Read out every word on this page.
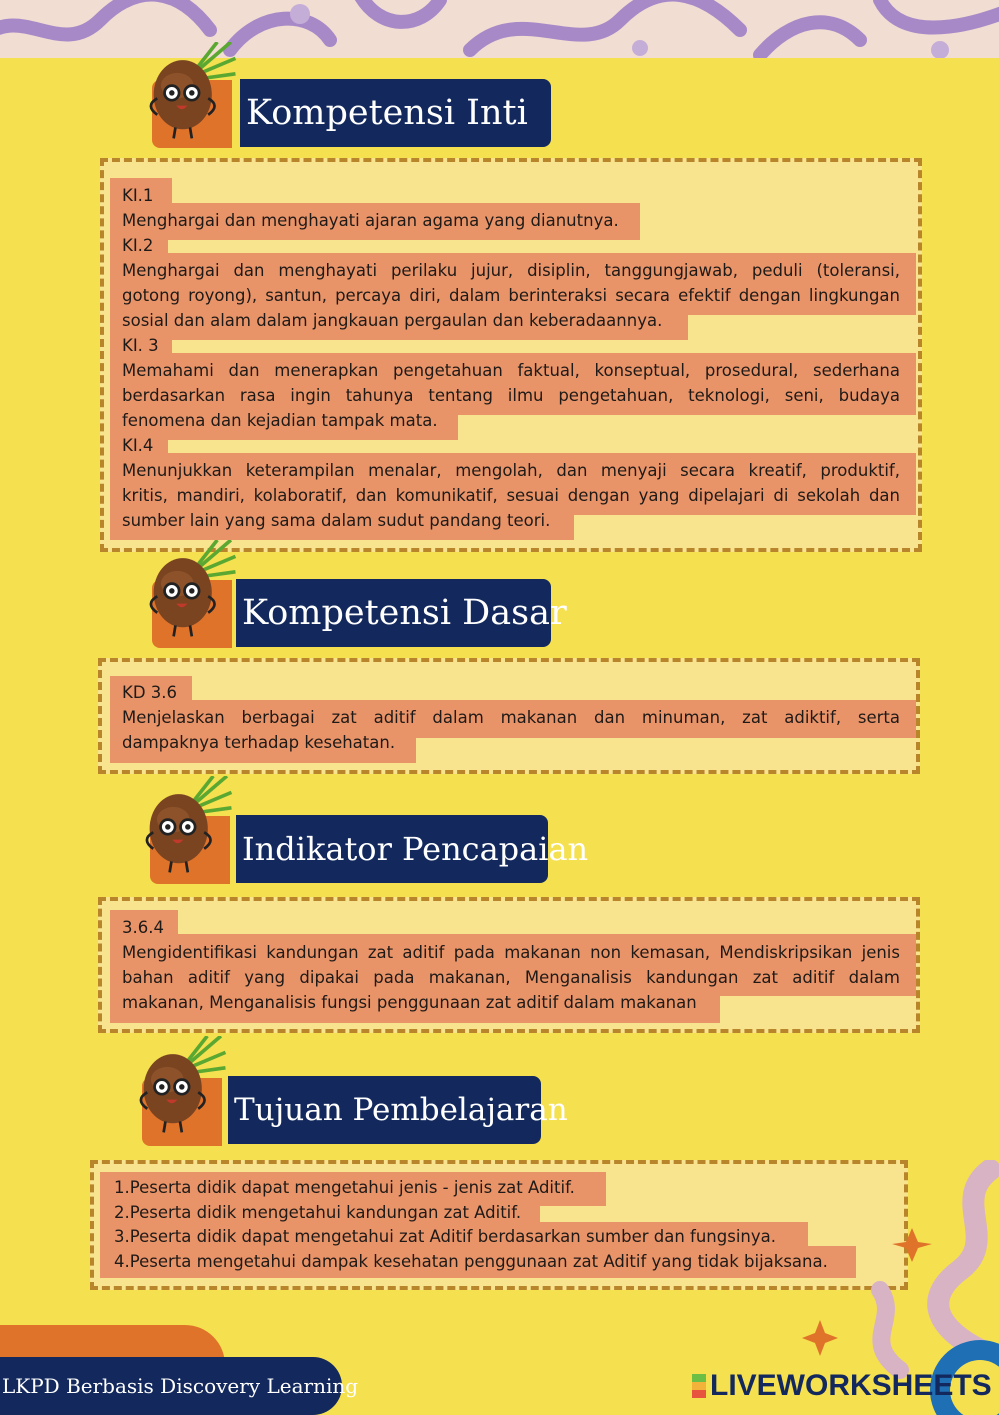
Kompetensi Inti
KI.1
Menghargai dan menghayati ajaran agama yang dianutnya.
KI.2
Menghargai dan menghayati perilaku jujur, disiplin, tanggungjawab, peduli (toleransi,
gotong royong), santun, percaya diri, dalam berinteraksi secara efektif dengan lingkungan
sosial dan alam dalam jangkauan pergaulan dan keberadaannya.
KI. 3
Memahami dan menerapkan pengetahuan faktual, konseptual, prosedural, sederhana
berdasarkan rasa ingin tahunya tentang ilmu pengetahuan, teknologi, seni, budaya
fenomena dan kejadian tampak mata.
KI.4
Menunjukkan keterampilan menalar, mengolah, dan menyaji secara kreatif, produktif,
kritis, mandiri, kolaboratif, dan komunikatif, sesuai dengan yang dipelajari di sekolah dan
sumber lain yang sama dalam sudut pandang teori.
Kompetensi Dasar
KD 3.6
Menjelaskan berbagai zat aditif dalam makanan dan minuman, zat adiktif, serta
dampaknya terhadap kesehatan.
Indikator Pencapaian
3.6.4
Mengidentifikasi kandungan zat aditif pada makanan non kemasan, Mendiskripsikan jenis
bahan aditif yang dipakai pada makanan, Menganalisis kandungan zat aditif dalam
makanan, Menganalisis fungsi penggunaan zat aditif dalam makanan
Tujuan Pembelajaran
1.Peserta didik dapat mengetahui jenis - jenis zat Aditif.
2.Peserta didik mengetahui kandungan zat Aditif.
3.Peserta didik dapat mengetahui zat Aditif berdasarkan sumber dan fungsinya.
4.Peserta mengetahui dampak kesehatan penggunaan zat Aditif yang tidak bijaksana.
LKPD Berbasis Discovery Learning	LIVEWORKSHEETS
